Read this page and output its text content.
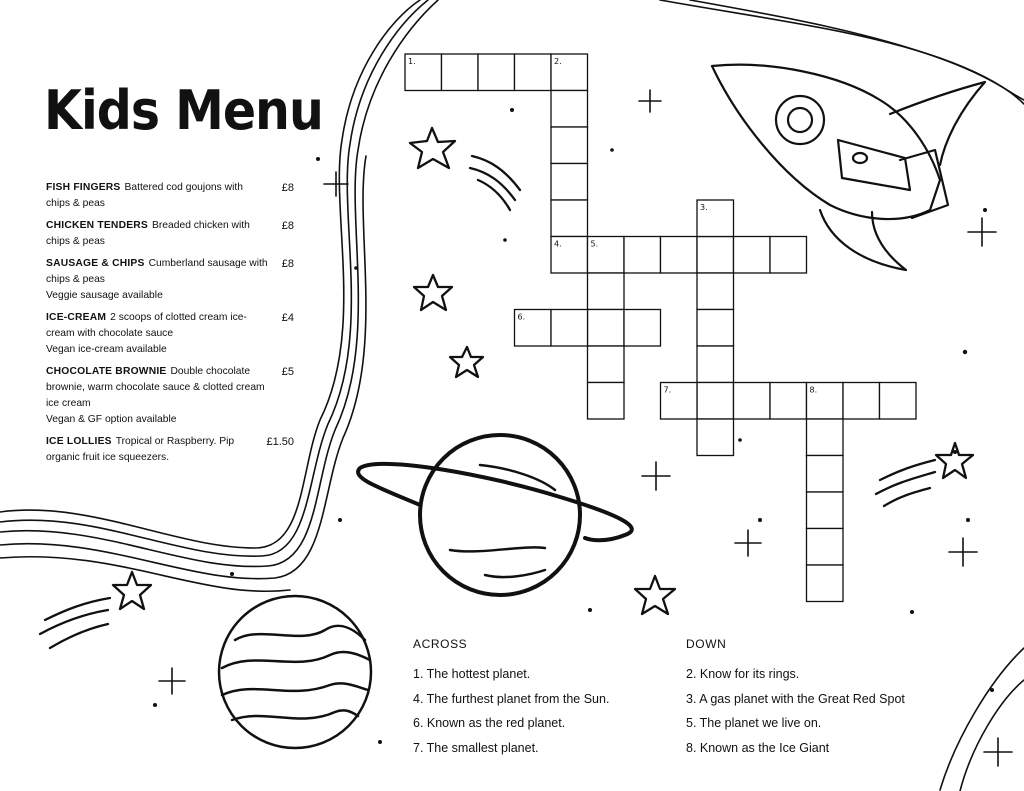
1.	2.
3.
4.	5.
6.
7.	8.
Kids Menu
FISH FINGERS Battered cod goujons with chips & peas
£8
CHICKEN TENDERS Breaded chicken with chips & peas
£8
SAUSAGE & CHIPS Cumberland sausage with chips & peas
Veggie sausage available
£8
ICE-CREAM 2 scoops of clotted cream ice-cream with chocolate sauce
Vegan ice-cream available
£4
CHOCOLATE BROWNIE Double chocolate brownie, warm chocolate sauce & clotted cream ice cream
Vegan & GF option available
£5
ICE LOLLIES Tropical or Raspberry. Pip organic fruit ice squeezers.
£1.50
ACROSS
1. The hottest planet.
4. The furthest planet from the Sun.
6. Known as the red planet.
7. The smallest planet.
DOWN
2. Know for its rings.
3. A gas planet with the Great Red Spot
5. The planet we live on.
8. Known as the Ice Giant
